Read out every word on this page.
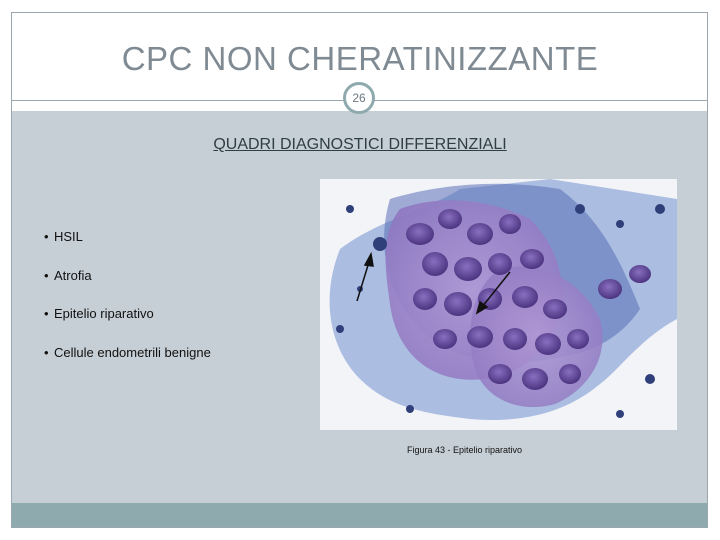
CPC NON CHERATINIZZANTE
26
QUADRI DIAGNOSTICI DIFFERENZIALI
• HSIL
• Atrofia
• Epitelio riparativo
• Cellule endometrili benigne
Figura 43 - Epitelio riparativo
